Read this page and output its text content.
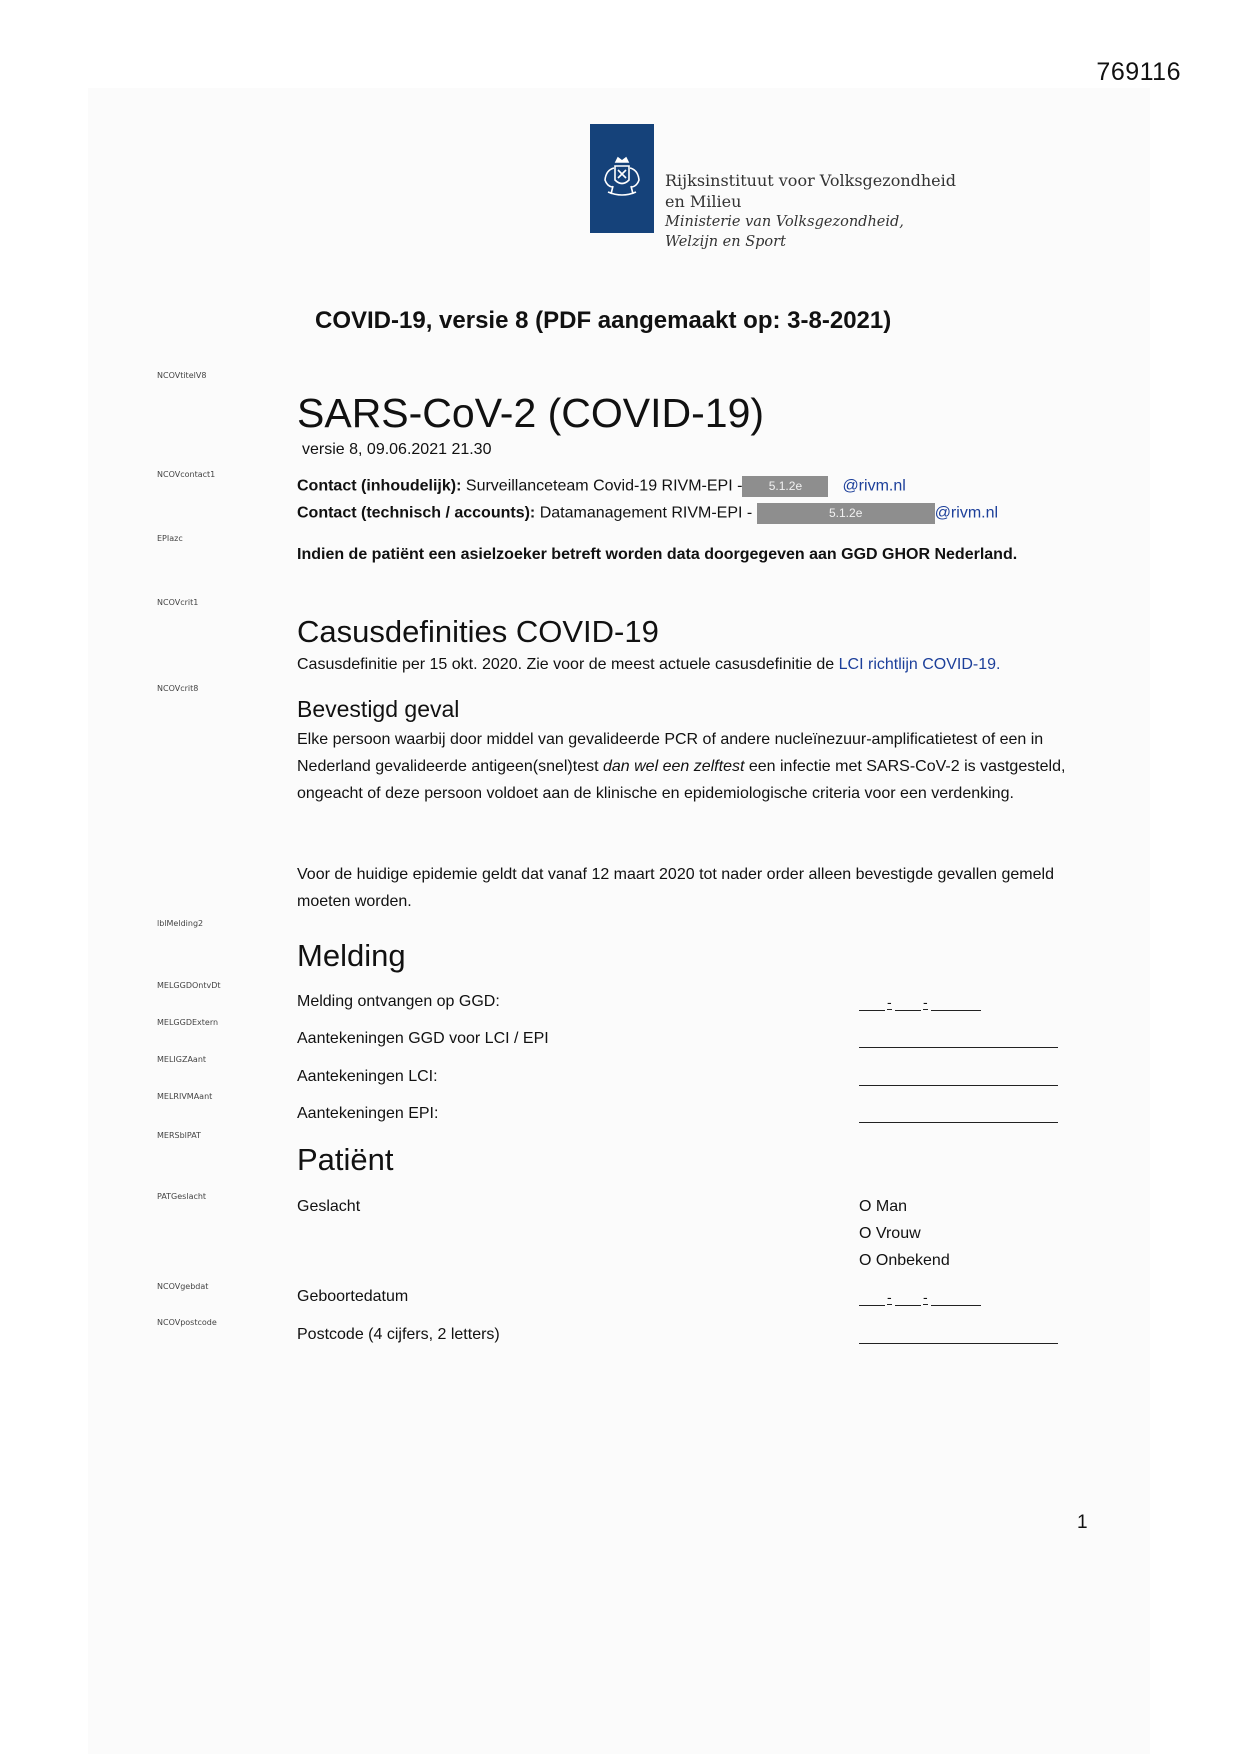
769116
Rijksinstituut voor Volksgezondheid
en Milieu
Ministerie van Volksgezondheid,
Welzijn en Sport
COVID-19, versie 8 (PDF aangemaakt op: 3-8-2021)
NCOVtitelV8
NCOVcontact1
EPIazc
NCOVcrit1
NCOVcrit8
lblMelding2
MELGGDOntvDt
MELGGDExtern
MELIGZAant
MELRIVMAant
MERSblPAT
PATGeslacht
NCOVgebdat
NCOVpostcode
SARS-CoV-2 (COVID-19)
versie 8, 09.06.2021 21.30
Contact (inhoudelijk): Surveillanceteam Covid-19 RIVM-EPI - 5.1.2e	@rivm.nl
Contact (technisch / accounts): Datamanagement RIVM-EPI -	5.1.2e	@rivm.nl
Indien de patiënt een asielzoeker betreft worden data doorgegeven aan GGD GHOR Nederland.
Casusdefinities COVID-19
Casusdefinitie per 15 okt. 2020. Zie voor de meest actuele casusdefinitie de LCI richtlijn COVID-19.
Bevestigd geval
Elke persoon waarbij door middel van gevalideerde PCR of andere nucleïnezuur-amplificatietest of een in Nederland gevalideerde antigeen(snel)test dan wel een zelftest een infectie met SARS-CoV-2 is vastgesteld, ongeacht of deze persoon voldoet aan de klinische en epidemiologische criteria voor een verdenking.
Voor de huidige epidemie geldt dat vanaf 12 maart 2020 tot nader order alleen bevestigde gevallen gemeld moeten worden.
Melding
Melding ontvangen op GGD:	- -
Aantekeningen GGD voor LCI / EPI
Aantekeningen LCI:
Aantekeningen EPI:
Patiënt
Geslacht	O Man
O Vrouw
O Onbekend
Geboortedatum	- -
Postcode (4 cijfers, 2 letters)
1
